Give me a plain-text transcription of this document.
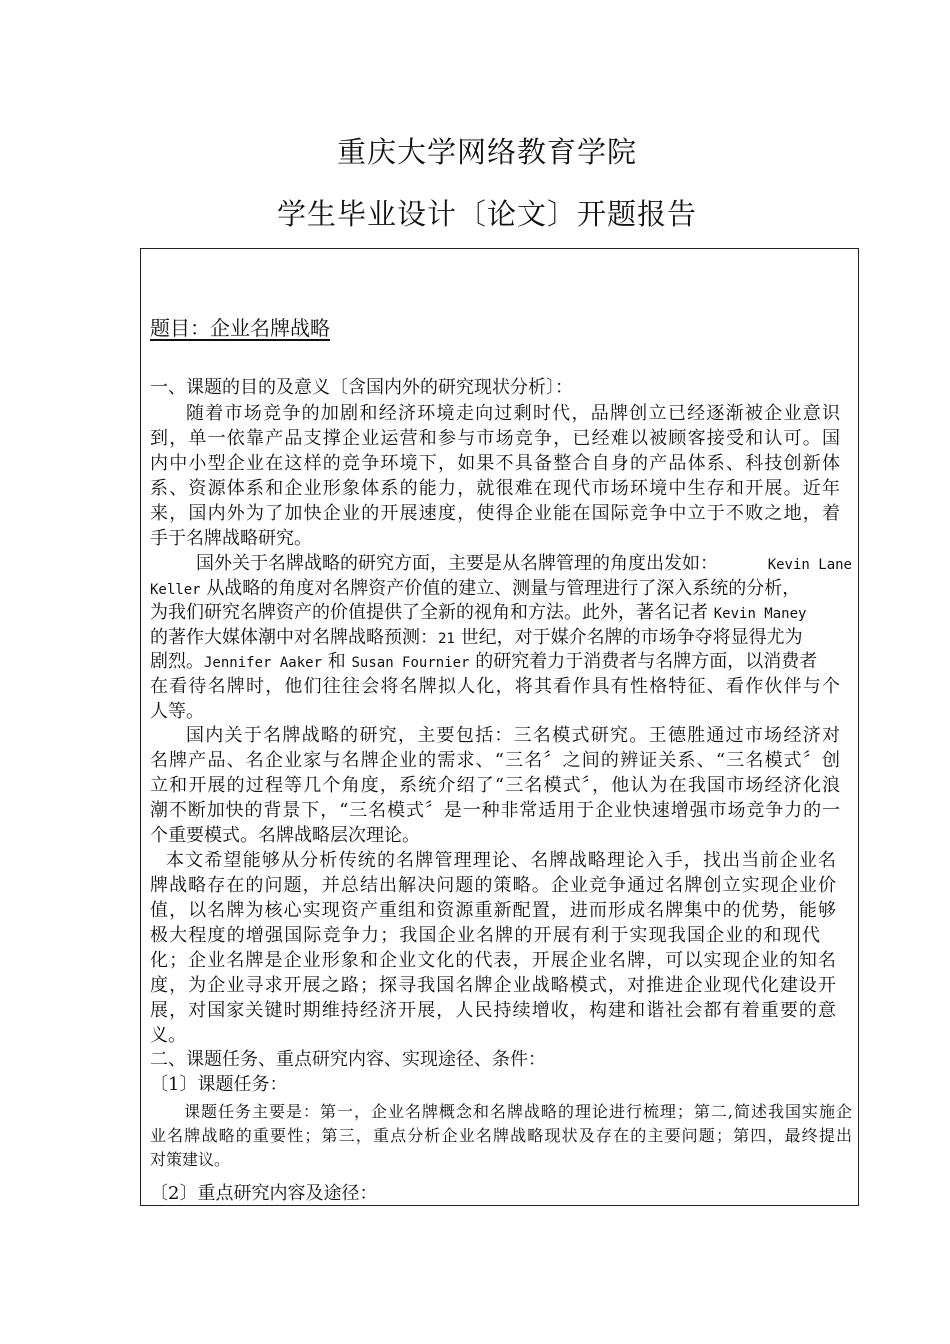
重庆大学网络教育学院
学生毕业设计〔论文〕开题报告
题目：企业名牌战略
一、课题的目的及意义〔含国内外的研究现状分析〕：
随着市场竞争的加剧和经济环境走向过剩时代，品牌创立已经逐渐被企业意识
到，单一依靠产品支撑企业运营和参与市场竞争，已经难以被顾客接受和认可。国
内中小型企业在这样的竞争环境下，如果不具备整合自身的产品体系、科技创新体
系、资源体系和企业形象体系的能力，就很难在现代市场环境中生存和开展。近年
来，国内外为了加快企业的开展速度，使得企业能在国际竞争中立于不败之地，着
手于名牌战略研究。
国外关于名牌战略的研究方面，主要是从名牌管理的角度出发如：	Kevin Lane
Keller 从战略的角度对名牌资产价值的建立、测量与管理进行了深入系统的分析，
为我们研究名牌资产的价值提供了全新的视角和方法。此外，著名记者 Kevin Maney
的著作大媒体潮中对名牌战略预测：21 世纪，对于媒介名牌的市场争夺将显得尤为
剧烈。Jennifer Aaker 和 Susan Fournier 的研究着力于消费者与名牌方面，以消费者
在看待名牌时，他们往往会将名牌拟人化，将其看作具有性格特征、看作伙伴与个
人等。
国内关于名牌战略的研究，主要包括：三名模式研究。王德胜通过市场经济对
名牌产品、名企业家与名牌企业的需求、“三名〞之间的辨证关系、“三名模式〞创
立和开展的过程等几个角度，系统介绍了“三名模式〞，他认为在我国市场经济化浪
潮不断加快的背景下，“三名模式〞是一种非常适用于企业快速增强市场竞争力的一
个重要模式。名牌战略层次理论。
本文希望能够从分析传统的名牌管理理论、名牌战略理论入手，找出当前企业名
牌战略存在的问题，并总结出解决问题的策略。企业竞争通过名牌创立实现企业价
值，以名牌为核心实现资产重组和资源重新配置，进而形成名牌集中的优势，能够
极大程度的增强国际竞争力；我国企业名牌的开展有利于实现我国企业的和现代
化；企业名牌是企业形象和企业文化的代表，开展企业名牌，可以实现企业的知名
度，为企业寻求开展之路；探寻我国名牌企业战略模式，对推进企业现代化建设开
展，对国家关键时期维持经济开展，人民持续增收，构建和谐社会都有着重要的意
义。
二、课题任务、重点研究内容、实现途径、条件：
〔1〕课题任务：
课题任务主要是：第一，企业名牌概念和名牌战略的理论进行梳理；第二,简述我国实施企
业名牌战略的重要性；第三，重点分析企业名牌战略现状及存在的主要问题；第四，最终提出
对策建议。
〔2〕重点研究内容及途径：
